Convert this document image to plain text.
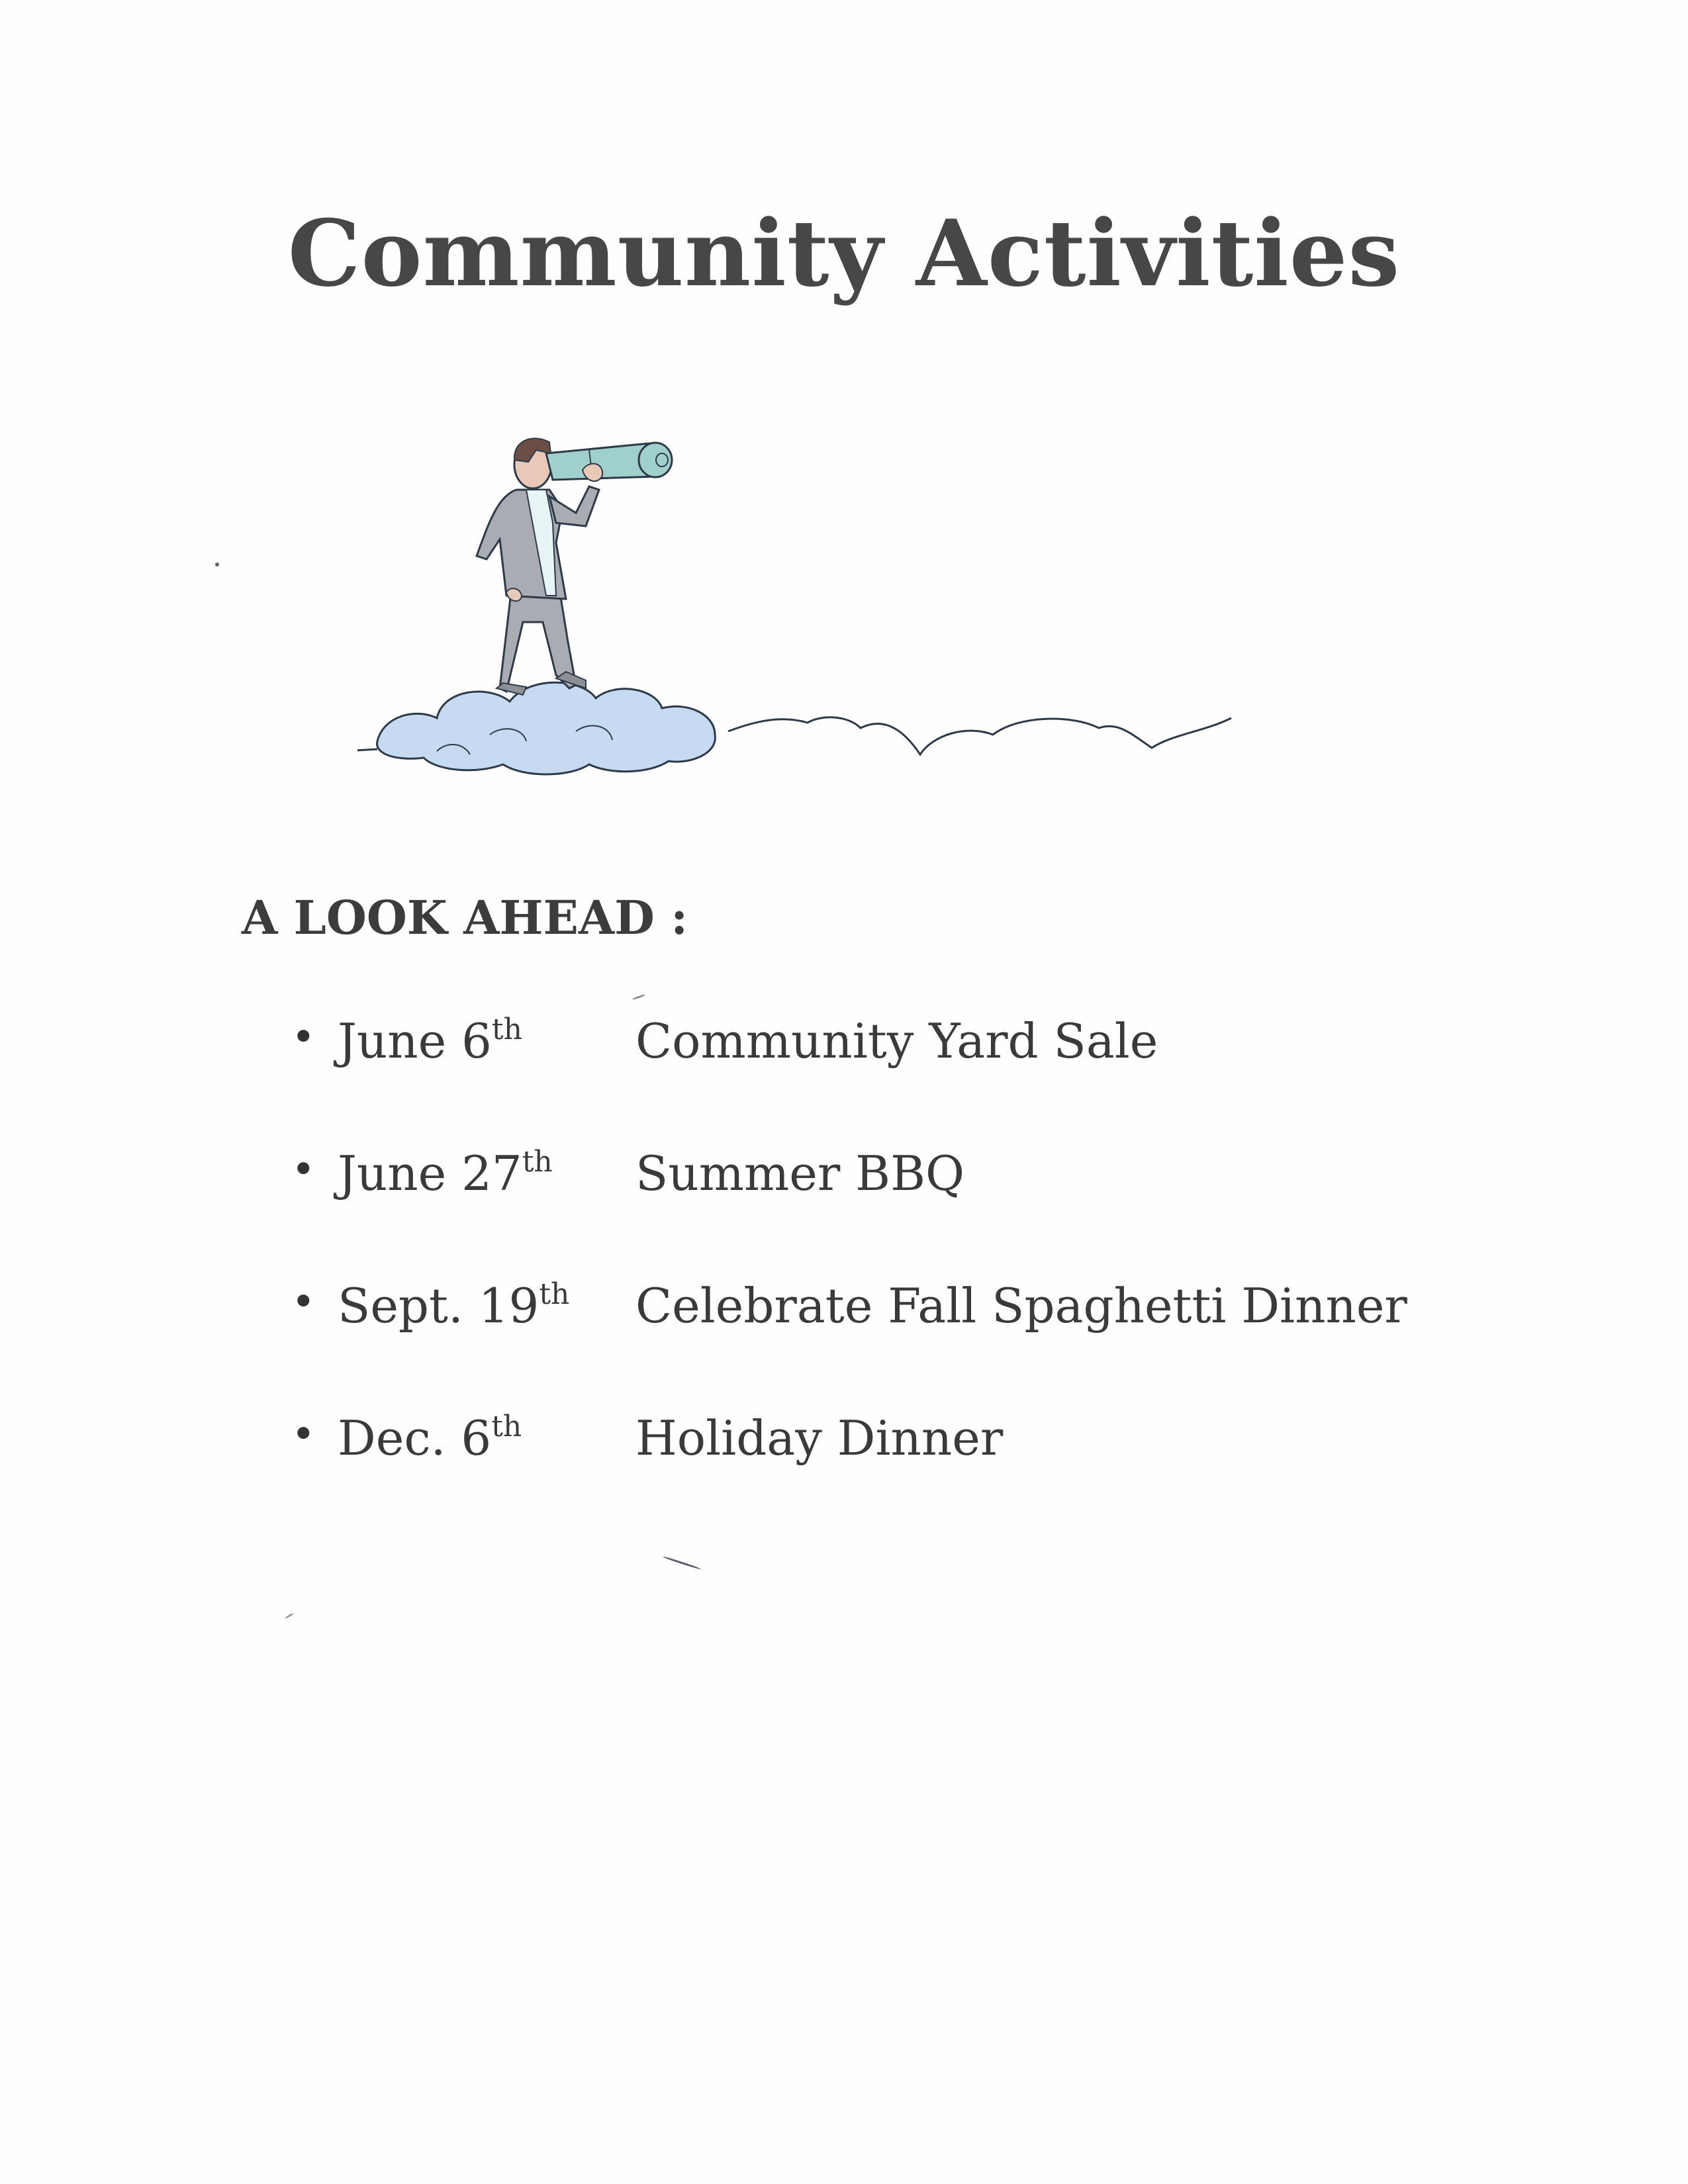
Community Activities
A LOOK AHEAD :
• June 6th	Community Yard Sale
• June 27th	Summer BBQ
• Sept. 19th	Celebrate Fall Spaghetti Dinner
• Dec. 6th	Holiday Dinner
